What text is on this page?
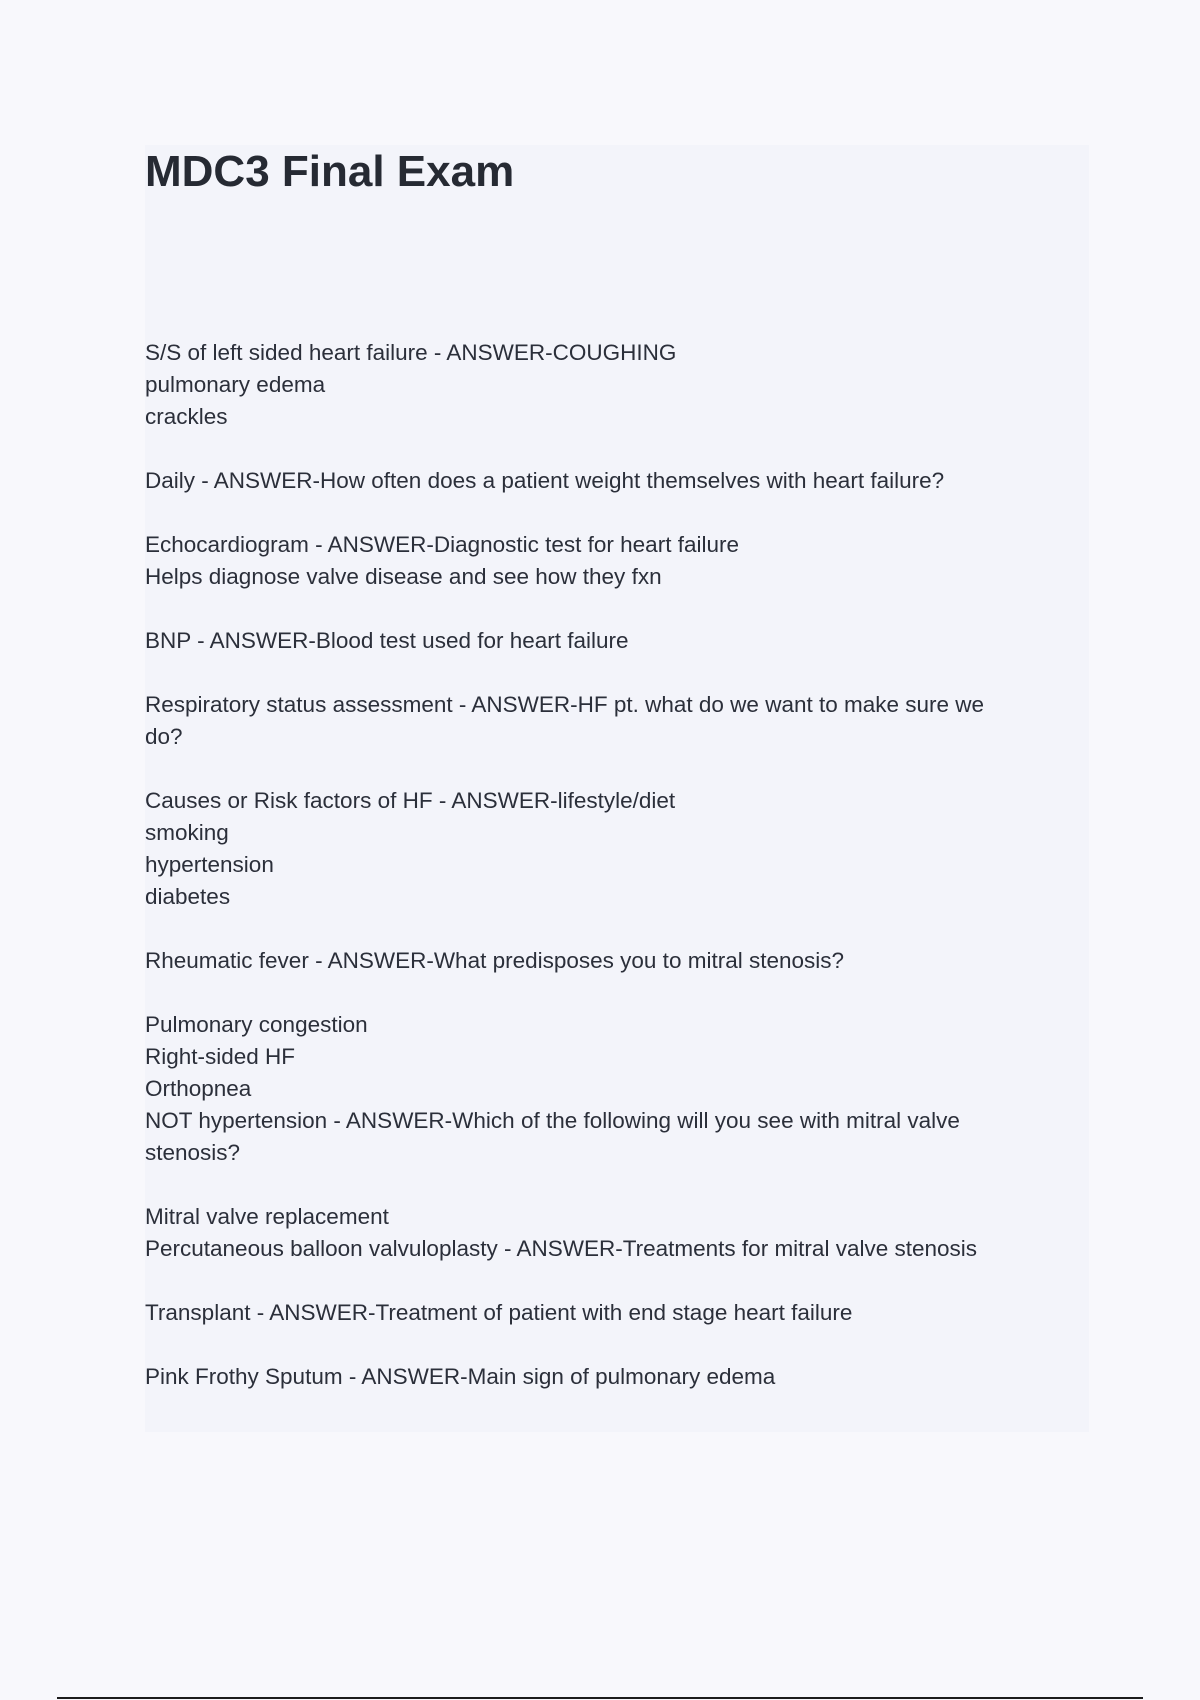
MDC3 Final Exam
S/S of left sided heart failure - ANSWER-COUGHING
pulmonary edema
crackles
Daily - ANSWER-How often does a patient weight themselves with heart failure?
Echocardiogram - ANSWER-Diagnostic test for heart failure
Helps diagnose valve disease and see how they fxn
BNP - ANSWER-Blood test used for heart failure
Respiratory status assessment - ANSWER-HF pt. what do we want to make sure we
do?
Causes or Risk factors of HF - ANSWER-lifestyle/diet
smoking
hypertension
diabetes
Rheumatic fever - ANSWER-What predisposes you to mitral stenosis?
Pulmonary congestion
Right-sided HF
Orthopnea
NOT hypertension - ANSWER-Which of the following will you see with mitral valve
stenosis?
Mitral valve replacement
Percutaneous balloon valvuloplasty - ANSWER-Treatments for mitral valve stenosis
Transplant - ANSWER-Treatment of patient with end stage heart failure
Pink Frothy Sputum - ANSWER-Main sign of pulmonary edema
